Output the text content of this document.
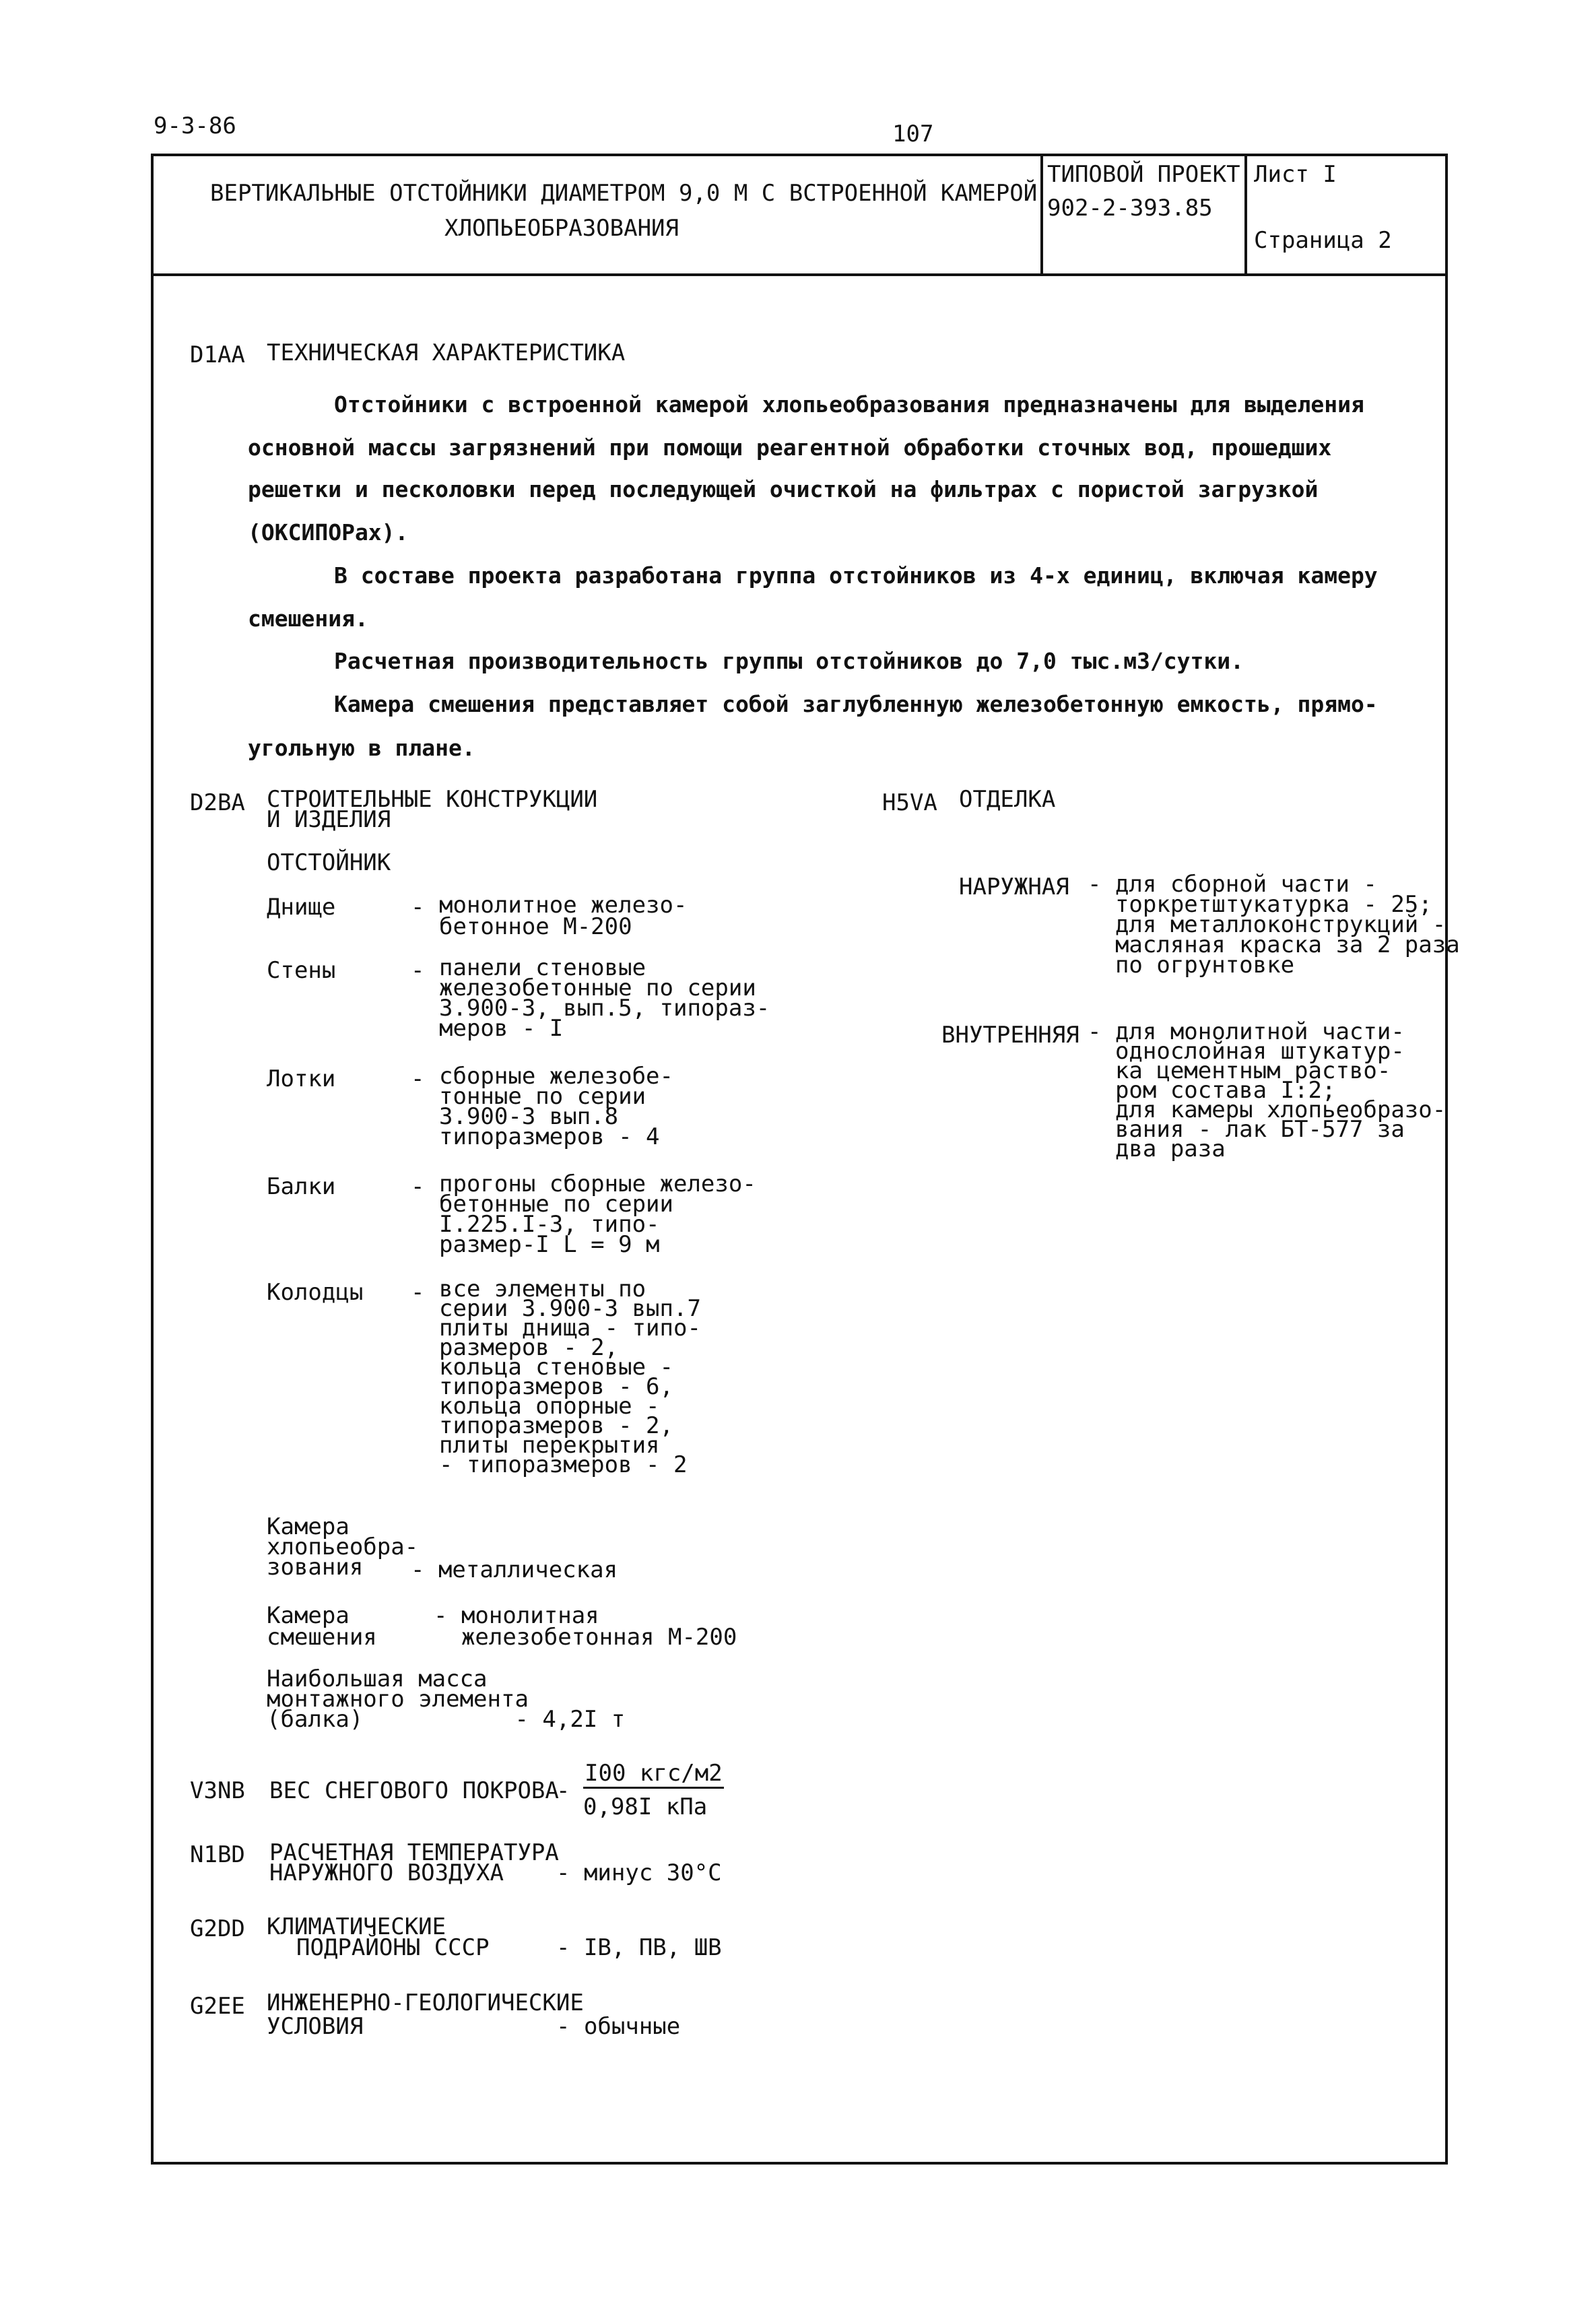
9-3-86	107
ВЕРТИКАЛЬНЫЕ ОТСТОЙНИКИ ДИАМЕТРОМ 9,0 М С ВСТРОЕННОЙ КАМЕРОЙ
ХЛОПЬЕОБРАЗОВАНИЯ
ТИПОВОЙ ПРОЕКТ
902-2-393.85
Лист I
Страница 2
D1AA ТЕХНИЧЕСКАЯ ХАРАКТЕРИСТИКА
Отстойники с встроенной камерой хлопьеобразования предназначены для выделения
основной массы загрязнений при помощи реагентной обработки сточных вод, прошедших
решетки и песколовки перед последующей очисткой на фильтрах с пористой загрузкой
(ОКСИПОРах).
В составе проекта разработана группа отстойников из 4-х единиц, включая камеру
смешения.
Расчетная производительность группы отстойников до 7,0 тыс.м3/сутки.
Камера смешения представляет собой заглубленную железобетонную емкость, прямо-
угольную в плане.
D2BA СТРОИТЕЛЬНЫЕ КОНСТРУКЦИИ
И ИЗДЕЛИЯ
ОТСТОЙНИК
Днище	- монолитное железо-
бетонное М-200
Стены	- панели стеновые
железобетонные по серии
3.900-3, вып.5, типораз-
меров - I
Лотки	- сборные железобе-
тонные по серии
3.900-3 вып.8
типоразмеров - 4
Балки	- прогоны сборные железо-
бетонные по серии
I.225.I-3, типо-
размер-I L = 9 м
Колодцы - все элементы по
серии 3.900-3 вып.7
плиты днища - типо-
размеров - 2,
кольца стеновые -
типоразмеров - 6,
кольца опорные -
типоразмеров - 2,
плиты перекрытия
- типоразмеров - 2
Камера
хлопьеобра-
зования	- металлическая
Камера
смешения
- монолитная
железобетонная М-200
Наибольшая масса
монтажного элемента
(балка)           - 4,2I т
H5VA ОТДЕЛКА
НАРУЖНАЯ - для сборной части -
торкретштукатурка - 25;
для металлоконструкций -
масляная краска за 2 раза
по огрунтовке
ВНУТРЕННЯЯ - для монолитной части-
однослойная штукатур-
ка цементным раство-
ром состава I:2;
для камеры хлопьеобразо-
вания - лак БТ-577 за
два раза
V3NB ВЕС СНЕГОВОГО ПОКРОВА
-
I00 кгс/м2
0,98I кПа
N1BD РАСЧЕТНАЯ ТЕМПЕРАТУРА
НАРУЖНОГО ВОЗДУХА - минус 30°С
G2DD КЛИМАТИЧЕСКИЕ
ПОДРАЙОНЫ СССР	- IB, ПВ, ШВ
G2EE ИНЖЕНЕРНО-ГЕОЛОГИЧЕСКИЕ
УСЛОВИЯ	- обычные
